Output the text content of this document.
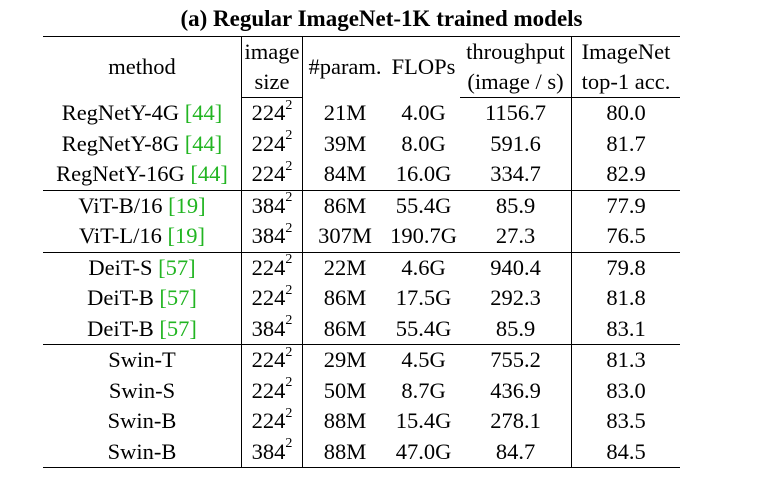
(a) Regular ImageNet-1K trained models
method	image	#param.	FLOPs	throughput	ImageNet
	size			(image / s)	top-1 acc.
RegNetY-4G [44]	$224^2$	21M	4.0G	1156.7	80.0
RegNetY-8G [44]	$224^2$	39M	8.0G	591.6	81.7
RegNetY-16G [44]	$224^2$	84M	16.0G	334.7	82.9
ViT-B/16 [19]	$384^2$	86M	55.4G	85.9	77.9
ViT-L/16 [19]	$384^2$	307M	190.7G	27.3	76.5
DeiT-S [57]	$224^2$	22M	4.6G	940.4	79.8
DeiT-B [57]	$224^2$	86M	17.5G	292.3	81.8
DeiT-B [57]	$384^2$	86M	55.4G	85.9	83.1
Swin-T	$224^2$	29M	4.5G	755.2	81.3
Swin-S	$224^2$	50M	8.7G	436.9	83.0
Swin-B	$224^2$	88M	15.4G	278.1	83.5
Swin-B	$384^2$	88M	47.0G	84.7	84.5
